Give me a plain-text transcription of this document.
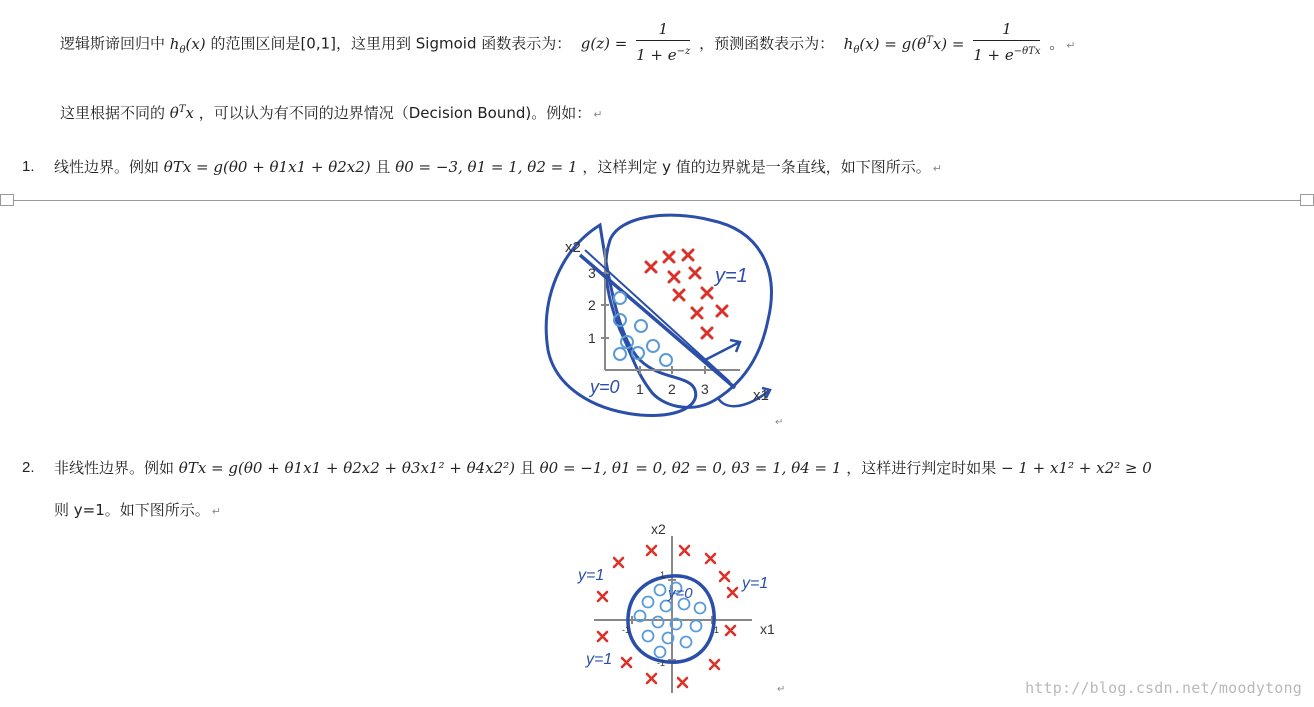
逻辑斯谛回归中 $h_\theta(x)$ 的范围区间是[0,1]，这里用到 Sigmoid 函数表示为： $g(z) = \frac{1}{1 + e^{-z}}$ ，预测函数表示为： $h_\theta(x) = g(\theta^Tx) = \frac{1}{1 + e^{-\theta Tx}}$ 。 ↵
这里根据不同的 $\theta^Tx$ ，可以认为有不同的边界情况（Decision Bound)。例如： ↵
1. 线性边界。例如 θTx = g(θ0 + θ1x1 + θ2x2) 且 θ0 = −3, θ1 = 1, θ2 = 1 ，这样判定 y 值的边界就是一条直线，如下图所示。 ↵
x2
x1
y=1
y=0 1 2 3
1
2
3
↵
2. 非线性边界。例如 θTx = g(θ0 + θ1x1 + θ2x2 + θ3x1² + θ4x2²) 且 θ0 = −1, θ1 = 0, θ2 = 0, θ3 = 1, θ4 = 1 ，这样进行判定时如果 − 1 + x1² + x2² ≥ 0
则 y=1。如下图所示。 ↵
x2
x1
y=1	y=1
y=1
y=0
1
-1
-1	1
↵	http://blog.csdn.net/moodytong
